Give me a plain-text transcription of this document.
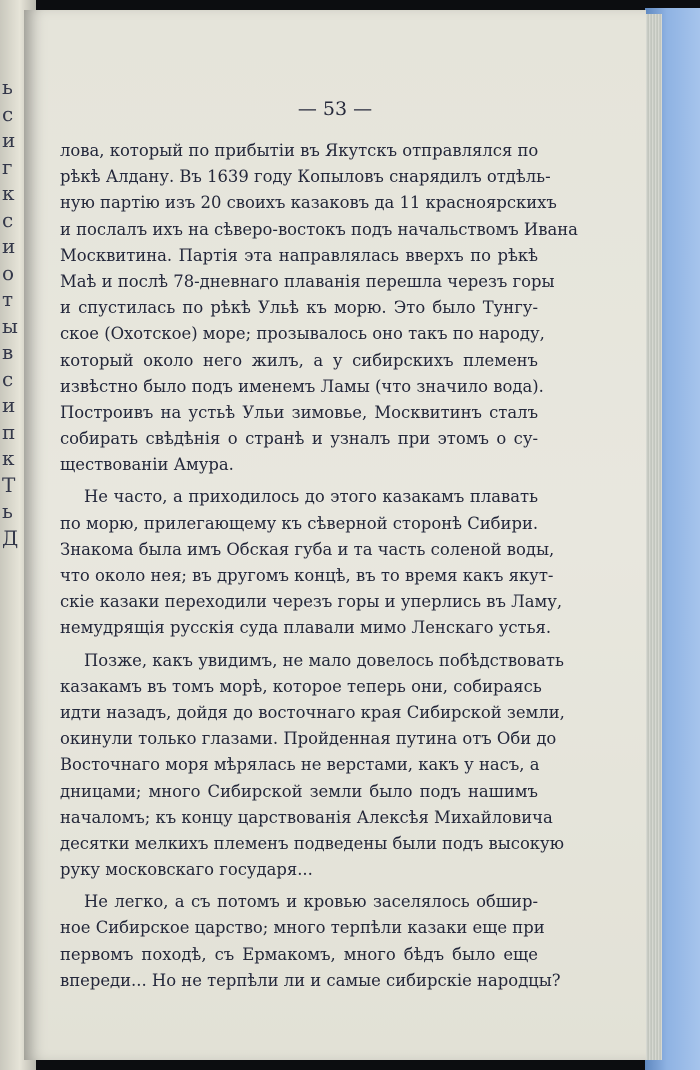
ь
с
и
г
к
с
и
о
т
ы
в
с
и
п
к
Т
ь
Д
— 53 —
лова, который по прибытіи въ Якутскъ отправлялся по
рѣкѣ Алдану. Въ 1639 году Копыловъ снарядилъ отдѣль-
ную партію изъ 20 своихъ казаковъ да 11 красноярскихъ
и послалъ ихъ на сѣверо-востокъ подъ начальствомъ Ивана
Москвитина. Партія эта направлялась вверхъ по рѣкѣ
Маѣ и послѣ 78-дневнаго плаванія перешла черезъ горы
и спустилась по рѣкѣ Ульѣ къ морю. Это было Тунгу-
ское (Охотское) море; прозывалось оно такъ по народу,
который около него жилъ, а у сибирскихъ племенъ
извѣстно было подъ именемъ Ламы (что значило вода).
Построивъ на устьѣ Ульи зимовье, Москвитинъ сталъ
собирать свѣдѣнія о странѣ и узналъ при этомъ о су-
ществованіи Амура.
Не часто, а приходилось до этого казакамъ плавать
по морю, прилегающему къ сѣверной сторонѣ Сибири.
Знакома была имъ Обская губа и та часть соленой воды,
что около нея; въ другомъ концѣ, въ то время какъ якут-
скіе казаки переходили черезъ горы и уперлись въ Ламу,
немудрящія русскія суда плавали мимо Ленскаго устья.
Позже, какъ увидимъ, не мало довелось побѣдствовать
казакамъ въ томъ морѣ, которое теперь они, собираясь
идти назадъ, дойдя до восточнаго края Сибирской земли,
окинули только глазами. Пройденная путина отъ Оби до
Восточнаго моря мѣрялась не верстами, какъ у насъ, а
дницами; много Сибирской земли было подъ нашимъ
началомъ; къ концу царствованія Алексѣя Михайловича
десятки мелкихъ племенъ подведены были подъ высокую
руку московскаго государя...
Не легко, а съ потомъ и кровью заселялось обшир-
ное Сибирское царство; много терпѣли казаки еще при
первомъ походѣ, съ Ермакомъ, много бѣдъ было еще
впереди... Но не терпѣли ли и самые сибирскіе народцы?
